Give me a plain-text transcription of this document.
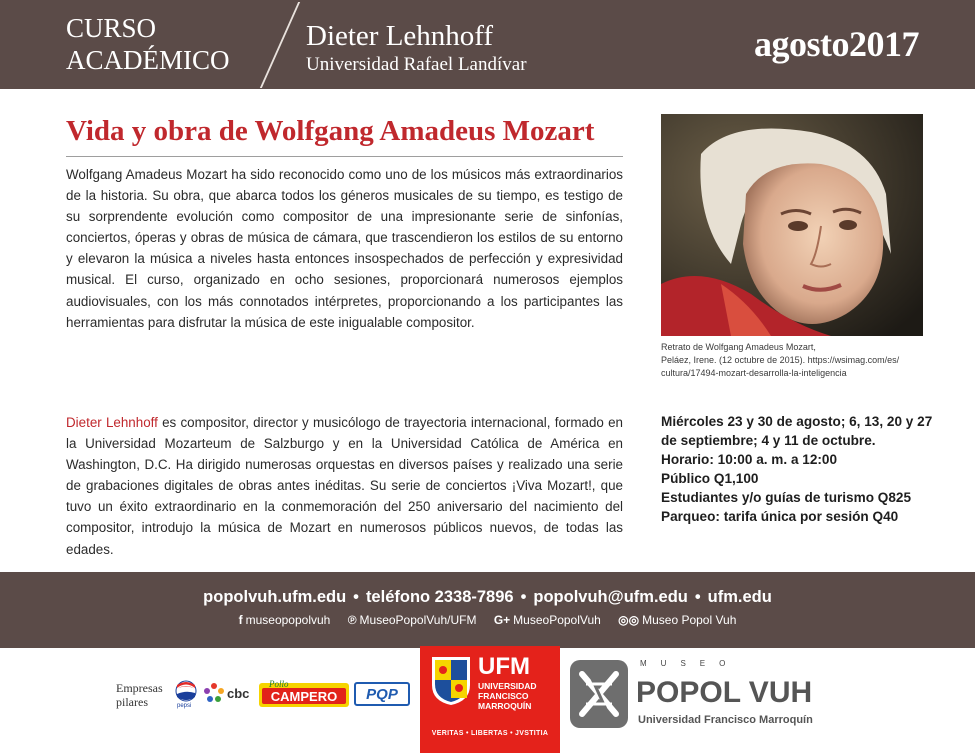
CURSO
ACADÉMICO
Dieter Lehnhoff
Universidad Rafael Landívar
agosto2017
Vida y obra de Wolfgang Amadeus Mozart

Wolfgang Amadeus Mozart ha sido reconocido como uno de los músicos más extraordinarios de la historia. Su obra, que abarca todos los géneros musicales de su tiempo, es testigo de su sorprendente evolución como compositor de una impresionante serie de sinfonías, conciertos, óperas y obras de música de cámara, que trascendieron los estilos de su entorno y elevaron la música a niveles hasta entonces insospechados de perfección y expresividad musical. El curso, organizado en ocho sesiones, proporcionará numerosos ejemplos audiovisuales, con los más connotados intérpretes, proporcionando a los participantes las herramientas para disfrutar la música de este inigualable compositor.

Retrato de Wolfgang Amadeus Mozart,
Peláez, Irene. (12 octubre de 2015). https://wsimag.com/es/
cultura/17494-mozart-desarrolla-la-inteligencia

Dieter Lehnhoff es compositor, director y musicólogo de trayectoria internacional, formado en la Universidad Mozarteum de Salzburgo y en la Universidad Católica de América en Washington, D.C. Ha dirigido numerosas orquestas en diversos países y realizado una serie de grabaciones digitales de obras antes inéditas. Su serie de conciertos ¡Viva Mozart!, que tuvo un éxito extraordinario en la conmemoración del 250 aniversario del nacimiento del compositor, introdujo la música de Mozart en numerosos públicos nuevos, de todas las edades.

Miércoles 23 y 30 de agosto; 6, 13, 20 y 27 de septiembre; 4 y 11 de octubre.
Horario: 10:00 a. m. a 12:00
Público Q1,100
Estudiantes y/o guías de turismo Q825
Parqueo: tarifa única por sesión Q40
popolvuh.ufm.edu • teléfono 2338-7896 • popolvuh@ufm.edu • ufm.edu
f museopopolvuh ℗ MuseoPopolVuh/UFM G+ MuseoPopolVuh ◎◎ Museo Popol Vuh
Empresas
pilares	pepsi
cbc
Pollo
CAMPERO PQP
UFM
UNIVERSIDAD
FRANCISCO
MARROQUÍN
VERITAS • LIBERTAS • JVSTITIA
MUSEO
POPOL VUH
Universidad Francisco Marroquín
